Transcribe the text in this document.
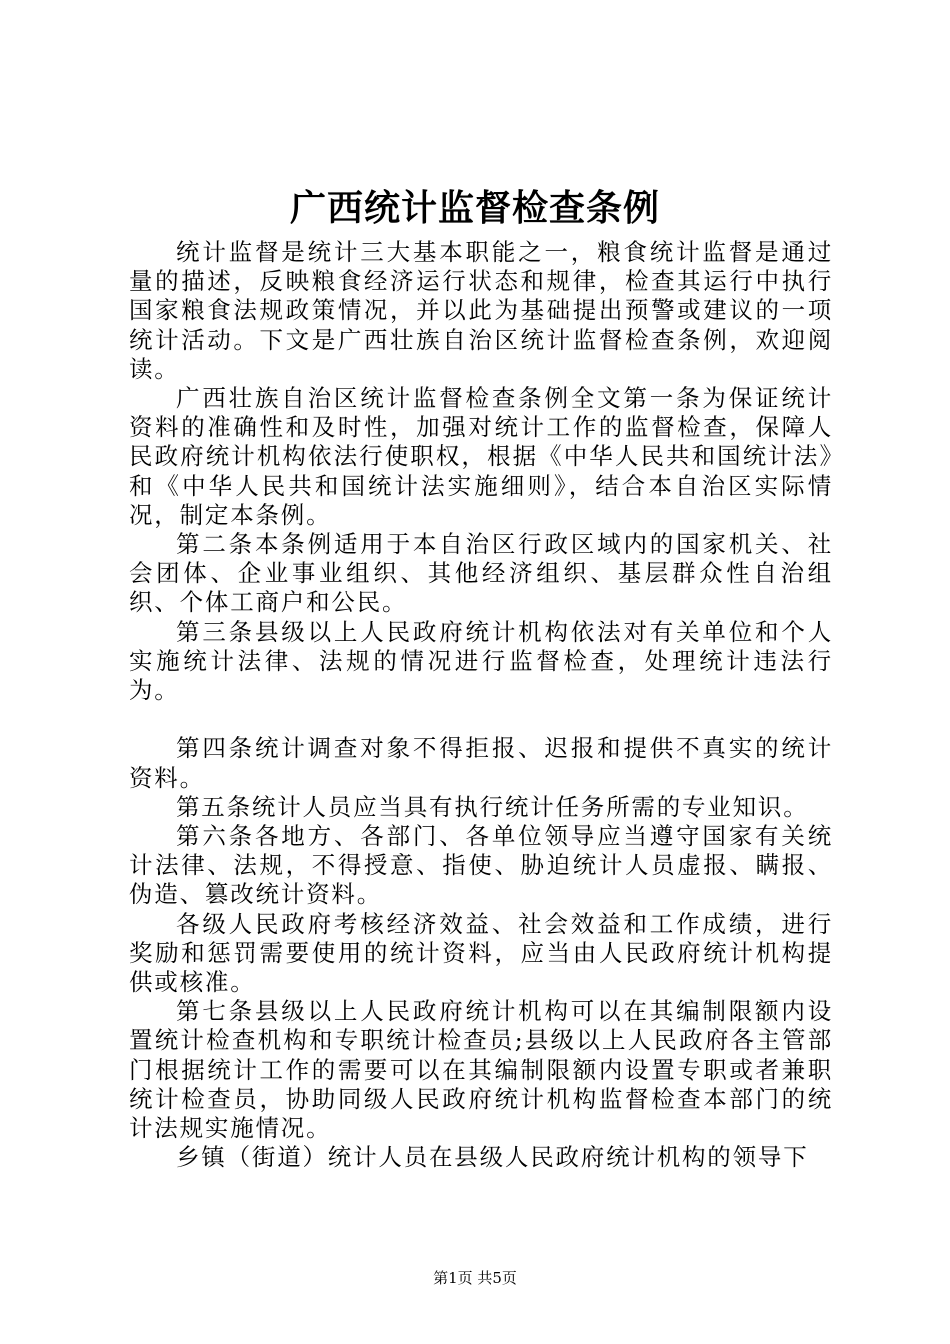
广西统计监督检查条例

统计监督是统计三大基本职能之一，粮食统计监督是通过量的描述，反映粮食经济运行状态和规律，检查其运行中执行国家粮食法规政策情况，并以此为基础提出预警或建议的一项统计活动。下文是广西壮族自治区统计监督检查条例，欢迎阅读。

广西壮族自治区统计监督检查条例全文第一条为保证统计资料的准确性和及时性，加强对统计工作的监督检查，保障人民政府统计机构依法行使职权，根据《中华人民共和国统计法》和《中华人民共和国统计法实施细则》，结合本自治区实际情况，制定本条例。

第二条本条例适用于本自治区行政区域内的国家机关、社会团体、企业事业组织、其他经济组织、基层群众性自治组织、个体工商户和公民。

第三条县级以上人民政府统计机构依法对有关单位和个人实施统计法律、法规的情况进行监督检查，处理统计违法行为。

第四条统计调查对象不得拒报、迟报和提供不真实的统计资料。

第五条统计人员应当具有执行统计任务所需的专业知识。

第六条各地方、各部门、各单位领导应当遵守国家有关统计法律、法规，不得授意、指使、胁迫统计人员虚报、瞒报、伪造、篡改统计资料。

各级人民政府考核经济效益、社会效益和工作成绩，进行奖励和惩罚需要使用的统计资料，应当由人民政府统计机构提供或核准。

第七条县级以上人民政府统计机构可以在其编制限额内设置统计检查机构和专职统计检查员;县级以上人民政府各主管部门根据统计工作的需要可以在其编制限额内设置专职或者兼职统计检查员，协助同级人民政府统计机构监督检查本部门的统计法规实施情况。

乡镇（街道）统计人员在县级人民政府统计机构的领导下

第1页 共5页
